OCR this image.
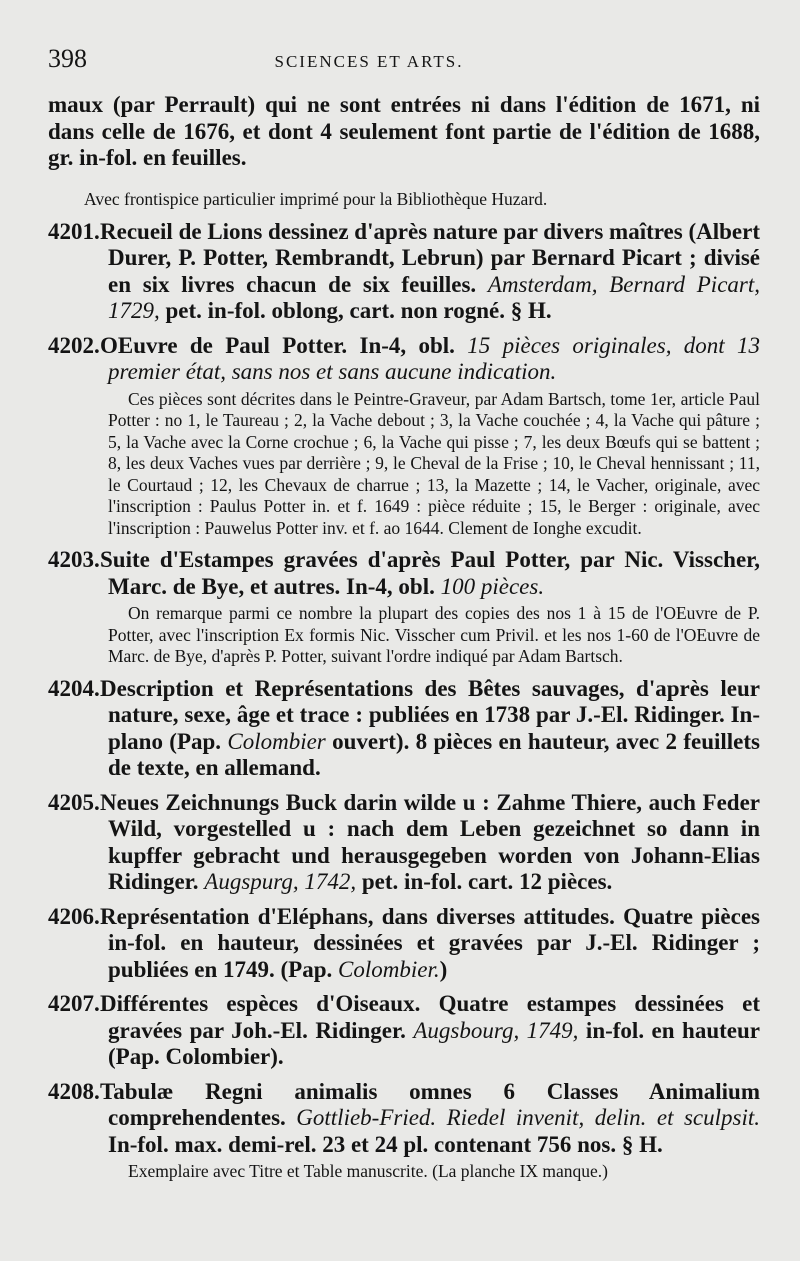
398	SCIENCES ET ARTS.

maux (par Perrault) qui ne sont entrées ni dans l'édition de 1671, ni dans celle de 1676, et dont 4 seulement font partie de l'édition de 1688, gr. in-fol. en feuilles.

Avec frontispice particulier imprimé pour la Bibliothèque Huzard.

4201.Recueil de Lions dessinez d'après nature par divers maîtres (Albert Durer, P. Potter, Rembrandt, Lebrun) par Bernard Picart ; divisé en six livres chacun de six feuilles. Amsterdam, Bernard Picart, 1729, pet. in-fol. oblong, cart. non rogné. § H.

4202.OEuvre de Paul Potter. In-4, obl. 15 pièces originales, dont 13 premier état, sans nos et sans aucune indication.

Ces pièces sont décrites dans le Peintre-Graveur, par Adam Bartsch, tome 1er, article Paul Potter : no 1, le Taureau ; 2, la Vache debout ; 3, la Vache couchée ; 4, la Vache qui pâture ; 5, la Vache avec la Corne crochue ; 6, la Vache qui pisse ; 7, les deux Bœufs qui se battent ; 8, les deux Vaches vues par derrière ; 9, le Cheval de la Frise ; 10, le Cheval hennissant ; 11, le Courtaud ; 12, les Chevaux de charrue ; 13, la Mazette ; 14, le Vacher, originale, avec l'inscription : Paulus Potter in. et f. 1649 : pièce réduite ; 15, le Berger : originale, avec l'inscription : Pauwelus Potter inv. et f. ao 1644. Clement de Ionghe excudit.

4203.Suite d'Estampes gravées d'après Paul Potter, par Nic. Visscher, Marc. de Bye, et autres. In-4, obl. 100 pièces.

On remarque parmi ce nombre la plupart des copies des nos 1 à 15 de l'OEuvre de P. Potter, avec l'inscription Ex formis Nic. Visscher cum Privil. et les nos 1-60 de l'OEuvre de Marc. de Bye, d'après P. Potter, suivant l'ordre indiqué par Adam Bartsch.

4204.Description et Représentations des Bêtes sauvages, d'après leur nature, sexe, âge et trace : publiées en 1738 par J.-El. Ridinger. In-plano (Pap. Colombier ouvert). 8 pièces en hauteur, avec 2 feuillets de texte, en allemand.

4205.Neues Zeichnungs Buck darin wilde u : Zahme Thiere, auch Feder Wild, vorgestelled u : nach dem Leben gezeichnet so dann in kupffer gebracht und herausgegeben worden von Johann-Elias Ridinger. Augspurg, 1742, pet. in-fol. cart. 12 pièces.

4206.Représentation d'Eléphans, dans diverses attitudes. Quatre pièces in-fol. en hauteur, dessinées et gravées par J.-El. Ridinger ; publiées en 1749. (Pap. Colombier.)

4207.Différentes espèces d'Oiseaux. Quatre estampes dessinées et gravées par Joh.-El. Ridinger. Augsbourg, 1749, in-fol. en hauteur (Pap. Colombier).

4208.Tabulæ Regni animalis omnes 6 Classes Animalium comprehendentes. Gottlieb-Fried. Riedel invenit, delin. et sculpsit. In-fol. max. demi-rel. 23 et 24 pl. contenant 756 nos. § H.

Exemplaire avec Titre et Table manuscrite. (La planche IX manque.)
